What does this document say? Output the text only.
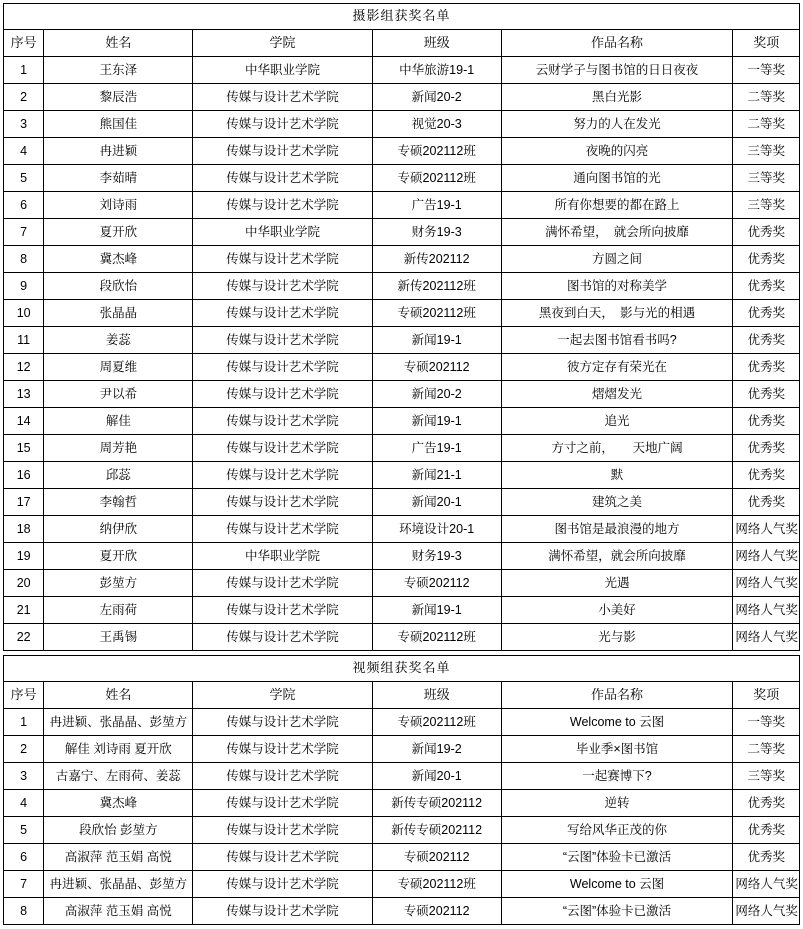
摄影组获奖名单					
序号	姓名	学院	班级	作品名称	奖项
1	王东泽	中华职业学院	中华旅游19-1	云财学子与图书馆的日日夜夜	一等奖
2	黎辰浩	传媒与设计艺术学院	新闻20-2	黑白光影	二等奖
3	熊国佳	传媒与设计艺术学院	视觉20-3	努力的人在发光	二等奖
4	冉进颖	传媒与设计艺术学院	专硕202112班	夜晚的闪亮	三等奖
5	李茹晴	传媒与设计艺术学院	专硕202112班	通向图书馆的光	三等奖
6	刘诗雨	传媒与设计艺术学院	广告19-1	所有你想要的都在路上	三等奖
7	夏开欣	中华职业学院	财务19-3	满怀希望，　就会所向披靡	优秀奖
8	冀杰峰	传媒与设计艺术学院	新传202112	方圆之间	优秀奖
9	段欣怡	传媒与设计艺术学院	新传202112班	图书馆的对称美学	优秀奖
10	张晶晶	传媒与设计艺术学院	专硕202112班	黑夜到白天，　影与光的相遇	优秀奖
11	姜蕊	传媒与设计艺术学院	新闻19-1	一起去图书馆看书吗?	优秀奖
12	周夏维	传媒与设计艺术学院	专硕202112	彼方定存有荣光在	优秀奖
13	尹以希	传媒与设计艺术学院	新闻20-2	熠熠发光	优秀奖
14	解佳	传媒与设计艺术学院	新闻19-1	追光	优秀奖
15	周芳艳	传媒与设计艺术学院	广告19-1	方寸之前，　　天地广阔	优秀奖
16	邱蕊	传媒与设计艺术学院	新闻21-1	默	优秀奖
17	李翰哲	传媒与设计艺术学院	新闻20-1	建筑之美	优秀奖
18	纳伊欣	传媒与设计艺术学院	环境设计20-1	图书馆是最浪漫的地方	网络人气奖
19	夏开欣	中华职业学院	财务19-3	满怀希望，就会所向披靡	网络人气奖
20	彭堃方	传媒与设计艺术学院	专硕202112	光遇	网络人气奖
21	左雨荷	传媒与设计艺术学院	新闻19-1	小美好	网络人气奖
22	王禹锡	传媒与设计艺术学院	专硕202112班	光与影	网络人气奖
视频组获奖名单					
序号	姓名	学院	班级	作品名称	奖项
1	冉进颖、张晶晶、彭堃方	传媒与设计艺术学院	专硕202112班	Welcome to 云图	一等奖
2	解佳 刘诗雨 夏开欣	传媒与设计艺术学院	新闻19-2	毕业季×图书馆	二等奖
3	古嘉宁、左雨荷、姜蕊	传媒与设计艺术学院	新闻20-1	一起赛博下?	三等奖
4	冀杰峰	传媒与设计艺术学院	新传专硕202112	逆转	优秀奖
5	段欣怡 彭堃方	传媒与设计艺术学院	新传专硕202112	写给风华正茂的你	优秀奖
6	高淑萍 范玉娟 高悦	传媒与设计艺术学院	专硕202112	“云图”体验卡已激活	优秀奖
7	冉进颖、张晶晶、彭堃方	传媒与设计艺术学院	专硕202112班	Welcome to 云图	网络人气奖
8	高淑萍 范玉娟 高悦	传媒与设计艺术学院	专硕202112	“云图”体验卡已激活	网络人气奖
